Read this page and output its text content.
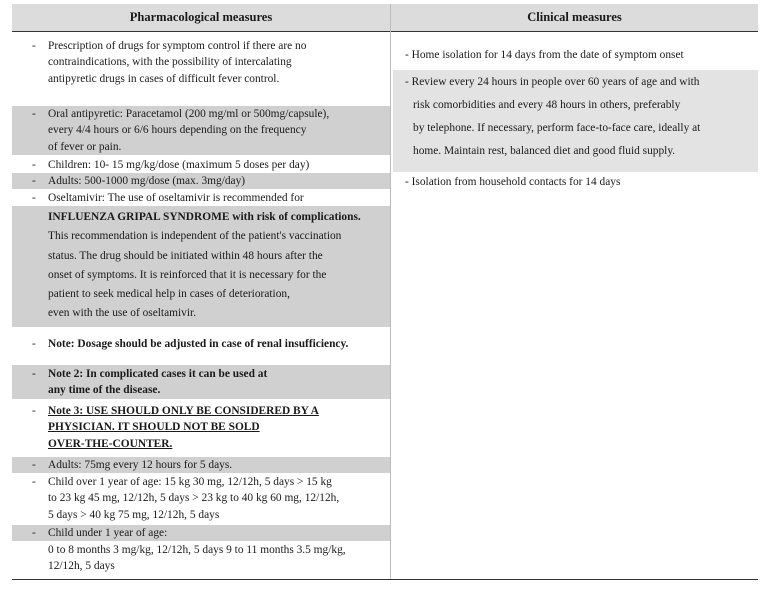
Pharmacological measures	Clinical measures
- Prescription of drugs for symptom control if there are no
contraindications, with the possibility of intercalating
antipyretic drugs in cases of difficult fever control.
- Oral antipyretic: Paracetamol (200 mg/ml or 500mg/capsule),
every 4/4 hours or 6/6 hours depending on the frequency
of fever or pain.
- Children: 10- 15 mg/kg/dose (maximum 5 doses per day)
- Adults: 500-1000 mg/dose (max. 3mg/day)
- Oseltamivir: The use of oseltamivir is recommended for
INFLUENZA GRIPAL SYNDROME with risk of complications.
This recommendation is independent of the patient's vaccination
status. The drug should be initiated within 48 hours after the
onset of symptoms. It is reinforced that it is necessary for the
patient to seek medical help in cases of deterioration,
even with the use of oseltamivir.
- Note: Dosage should be adjusted in case of renal insufficiency.
- Note 2: In complicated cases it can be used at
any time of the disease.
- Note 3: USE SHOULD ONLY BE CONSIDERED BY A
PHYSICIAN. IT SHOULD NOT BE SOLD
OVER-THE-COUNTER.
- Adults: 75mg every 12 hours for 5 days.
- Child over 1 year of age: 15 kg 30 mg, 12/12h, 5 days > 15 kg
to 23 kg 45 mg, 12/12h, 5 days > 23 kg to 40 kg 60 mg, 12/12h,
5 days > 40 kg 75 mg, 12/12h, 5 days
- Child under 1 year of age:
0 to 8 months 3 mg/kg, 12/12h, 5 days 9 to 11 months 3.5 mg/kg,
12/12h, 5 days
- Home isolation for 14 days from the date of symptom onset
- Review every 24 hours in people over 60 years of age and with
risk comorbidities and every 48 hours in others, preferably
by telephone. If necessary, perform face-to-face care, ideally at
home. Maintain rest, balanced diet and good fluid supply.
- Isolation from household contacts for 14 days
